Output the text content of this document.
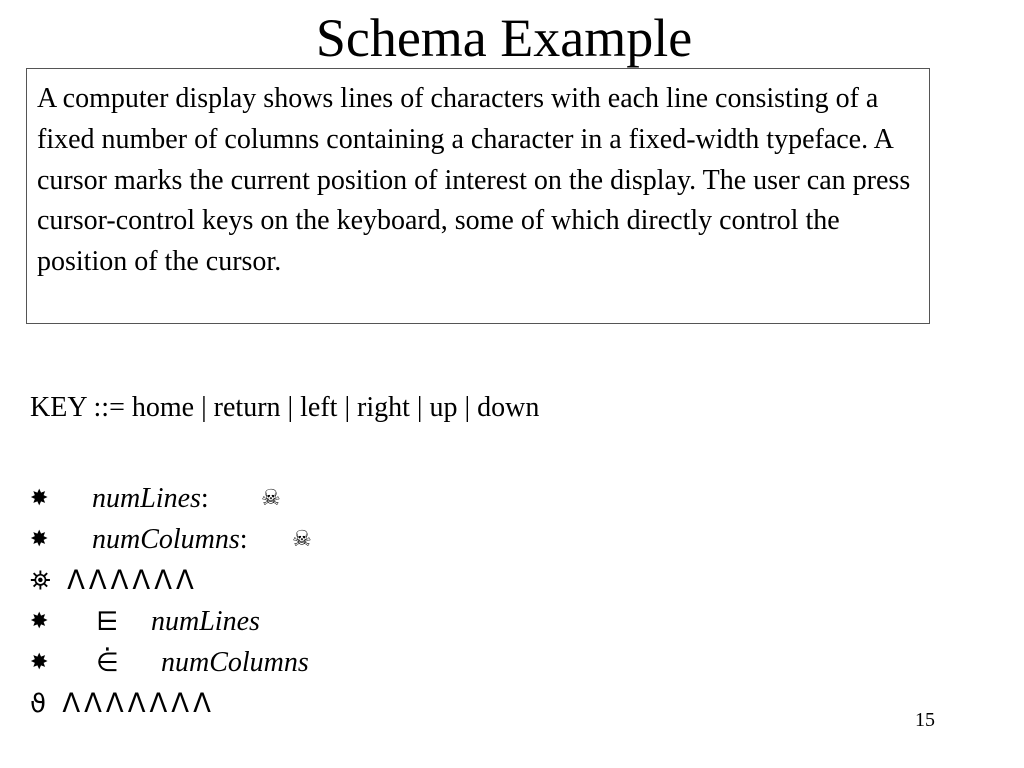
Schema Example
A computer display shows lines of characters with each line consisting of a fixed number of columns containing a character in a fixed-width typeface. A cursor marks the current position of interest on the display. The user can press cursor-control keys on the keyboard, some of which directly control the position of the cursor.
KEY ::= home | return | left | right | up | down
✸ numLines: ☠
✸ numColumns: ☠
⛯ ᐱᐱᐱᐱᐱᐱ
✸ ⋿ numLines
✸ ⋵ numColumns
ϑ ᐱᐱᐱᐱᐱᐱᐱ
15
